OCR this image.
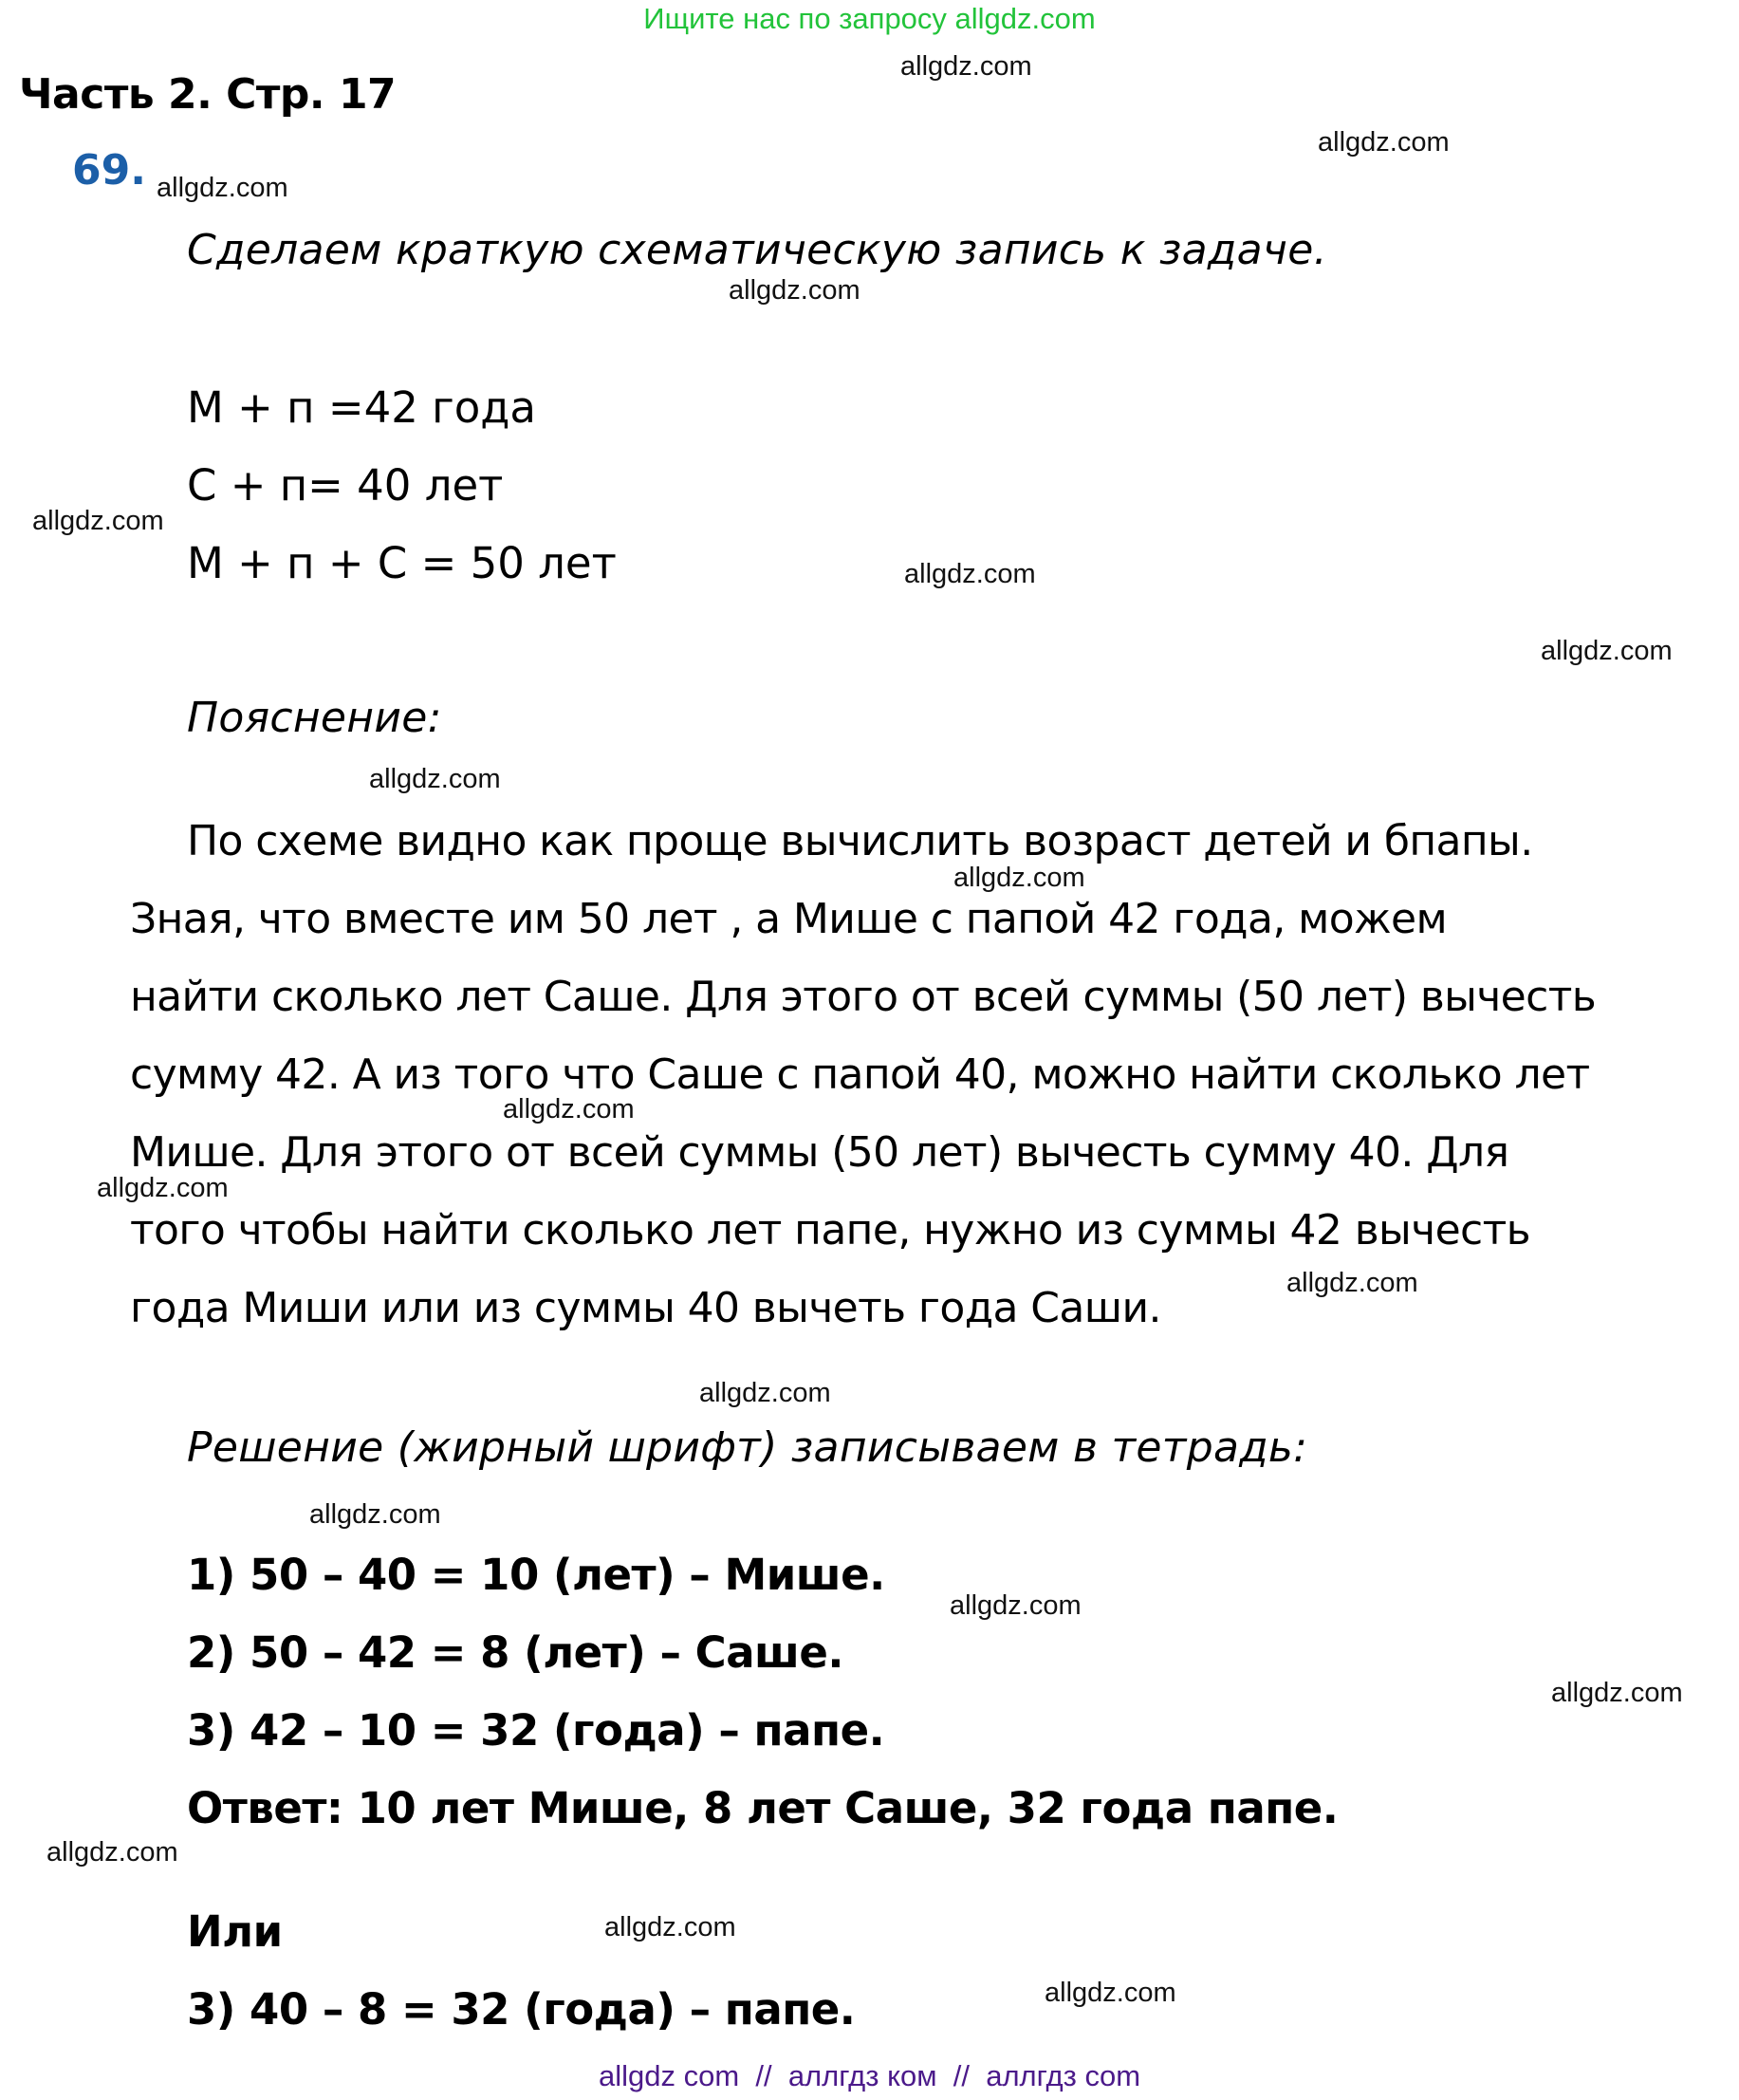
Ищите нас по запросу allgdz.com
Часть 2. Стр. 17
69.
Сделаем краткую схематическую запись к задаче.
М + п =42 года
С + п= 40 лет
М + п + С = 50 лет
Пояснение:
По схеме видно как проще вычислить возраст детей и бпапы.
Зная, что вместе им 50 лет , а Мише с папой 42 года, можем
найти сколько лет Саше. Для этого от всей суммы (50 лет) вычесть
сумму 42. А из того что Саше с папой 40, можно найти сколько лет
Мише. Для этого от всей суммы (50 лет) вычесть сумму 40. Для
того чтобы найти сколько лет папе, нужно из суммы 42 вычесть
года Миши или из суммы 40 вычеть года Саши.
Решение (жирный шрифт) записываем в тетрадь:
1) 50 – 40 = 10 (лет) – Мише.
2) 50 – 42 = 8 (лет) – Саше.
3) 42 – 10 = 32 (года) – папе.
Ответ: 10 лет Мише, 8 лет Саше, 32 года папе.
Или
3) 40 – 8 = 32 (года) – папе.
allgdz.com
allgdz.com
allgdz.com
allgdz.com
allgdz.com
allgdz.com
allgdz.com
allgdz.com
allgdz.com
allgdz.com
allgdz.com
allgdz.com
allgdz.com
allgdz.com
allgdz.com
allgdz.com
allgdz.com
allgdz.com
allgdz.com
allgdz com  //  аллгдз ком  //  аллгдз com
